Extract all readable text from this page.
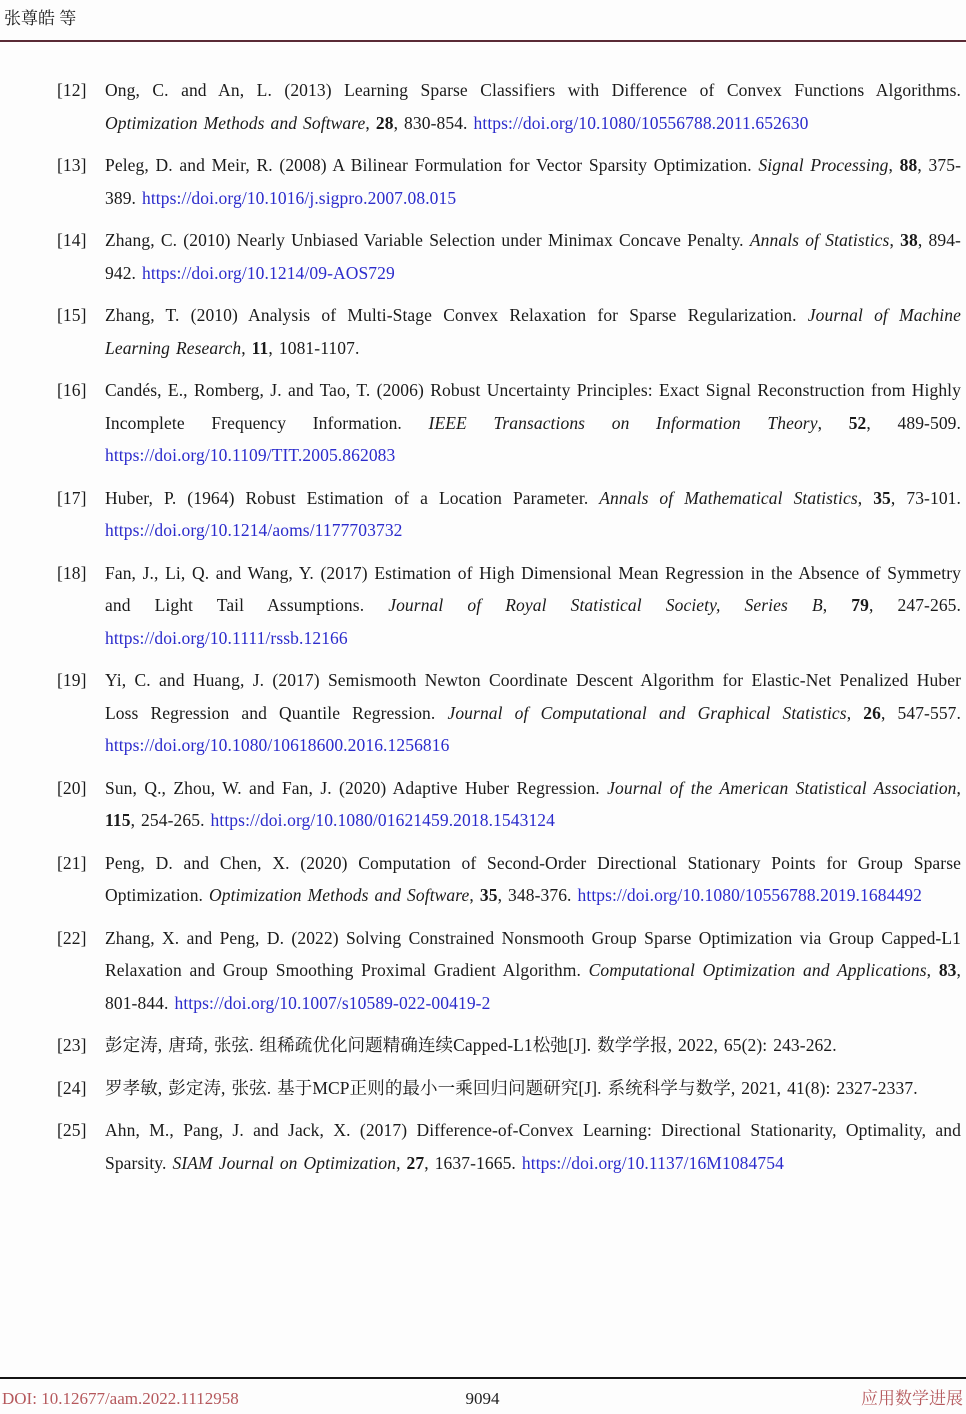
张尊皓 等
[12]	Ong, C. and An, L. (2013) Learning Sparse Classifiers with Difference of Convex Functions Algorithms. Optimization Methods and Software, 28, 830-854. https://doi.org/10.1080/10556788.2011.652630
[13]	Peleg, D. and Meir, R. (2008) A Bilinear Formulation for Vector Sparsity Optimization. Signal Processing, 88, 375-389. https://doi.org/10.1016/j.sigpro.2007.08.015
[14]	Zhang, C. (2010) Nearly Unbiased Variable Selection under Minimax Concave Penalty. Annals of Statistics, 38, 894-942. https://doi.org/10.1214/09-AOS729
[15]	Zhang, T. (2010) Analysis of Multi-Stage Convex Relaxation for Sparse Regularization. Journal of Machine Learning Research, 11, 1081-1107.
[16]	Candés, E., Romberg, J. and Tao, T. (2006) Robust Uncertainty Principles: Exact Signal Reconstruction from Highly Incomplete Frequency Information. IEEE Transactions on Information Theory, 52, 489-509. https://doi.org/10.1109/TIT.2005.862083
[17]	Huber, P. (1964) Robust Estimation of a Location Parameter. Annals of Mathematical Statistics, 35, 73-101. https://doi.org/10.1214/aoms/1177703732
[18]	Fan, J., Li, Q. and Wang, Y. (2017) Estimation of High Dimensional Mean Regression in the Absence of Symmetry and Light Tail Assumptions. Journal of Royal Statistical Society, Series B, 79, 247-265. https://doi.org/10.1111/rssb.12166
[19]	Yi, C. and Huang, J. (2017) Semismooth Newton Coordinate Descent Algorithm for Elastic-Net Penalized Huber Loss Regression and Quantile Regression. Journal of Computational and Graphical Statistics, 26, 547-557. https://doi.org/10.1080/10618600.2016.1256816
[20]	Sun, Q., Zhou, W. and Fan, J. (2020) Adaptive Huber Regression. Journal of the American Statistical Association, 115, 254-265. https://doi.org/10.1080/01621459.2018.1543124
[21]	Peng, D. and Chen, X. (2020) Computation of Second-Order Directional Stationary Points for Group Sparse Optimization. Optimization Methods and Software, 35, 348-376. https://doi.org/10.1080/10556788.2019.1684492
[22]	Zhang, X. and Peng, D. (2022) Solving Constrained Nonsmooth Group Sparse Optimization via Group Capped-L1 Relaxation and Group Smoothing Proximal Gradient Algorithm. Computational Optimization and Applications, 83, 801-844. https://doi.org/10.1007/s10589-022-00419-2
[23]	彭定涛, 唐琦, 张弦. 组稀疏优化问题精确连续Capped-L1松弛[J]. 数学学报, 2022, 65(2): 243-262.
[24]	罗孝敏, 彭定涛, 张弦. 基于MCP正则的最小一乘回归问题研究[J]. 系统科学与数学, 2021, 41(8): 2327-2337.
[25]	Ahn, M., Pang, J. and Jack, X. (2017) Difference-of-Convex Learning: Directional Stationarity, Optimality, and Sparsity. SIAM Journal on Optimization, 27, 1637-1665. https://doi.org/10.1137/16M1084754
DOI: 10.12677/aam.2022.1112958	9094	应用数学进展
